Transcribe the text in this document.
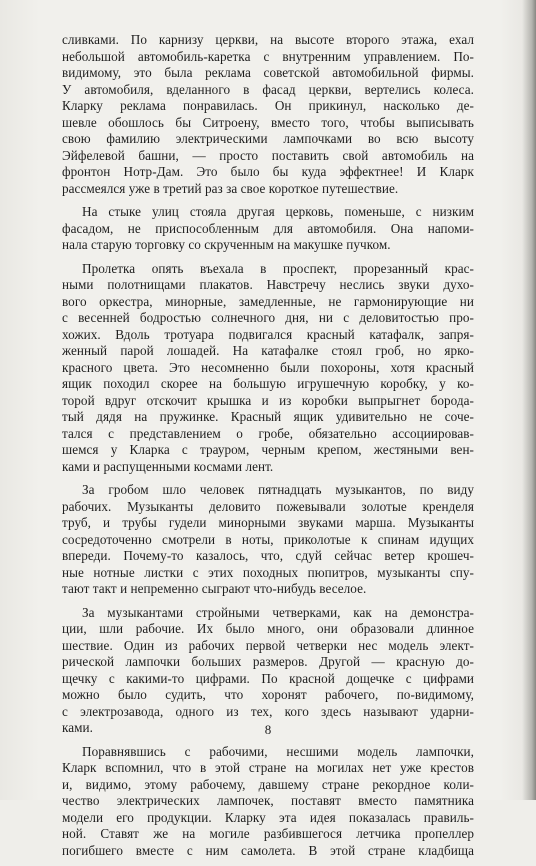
сливками. По карнизу церкви, на высоте второго этажа, ехал
небольшой автомобиль-каретка с внутренним управлением. По-
видимому, это была реклама советской автомобильной фирмы.
У автомобиля, вделанного в фасад церкви, вертелись колеса.
Кларку реклама понравилась. Он прикинул, насколько де-
шевле обошлось бы Ситроену, вместо того, чтобы выписывать
свою фамилию электрическими лампочками во всю высоту
Эйфелевой башни, — просто поставить свой автомобиль на
фронтон Нотр-Дам. Это было бы куда эффектнее! И Кларк
рассмеялся уже в третий раз за свое короткое путешествие.
На стыке улиц стояла другая церковь, поменьше, с низким
фасадом, не приспособленным для автомобиля. Она напоми-
нала старую торговку со скрученным на макушке пучком.
Пролетка опять въехала в проспект, прорезанный крас-
ными полотнищами плакатов. Навстречу неслись звуки духо-
вого оркестра, минорные, замедленные, не гармонирующие ни
с весенней бодростью солнечного дня, ни с деловитостью про-
хожих. Вдоль тротуара подвигался красный катафалк, запря-
женный парой лошадей. На катафалке стоял гроб, но ярко-
красного цвета. Это несомненно были похороны, хотя красный
ящик походил скорее на большую игрушечную коробку, у ко-
торой вдруг отскочит крышка и из коробки выпрыгнет борода-
тый дядя на пружинке. Красный ящик удивительно не соче-
тался с представлением о гробе, обязательно ассоциировав-
шемся у Кларка с трауром, черным крепом, жестяными вен-
ками и распущенными космами лент.
За гробом шло человек пятнадцать музыкантов, по виду
рабочих. Музыканты деловито пожевывали золотые кренделя
труб, и трубы гудели минорными звуками марша. Музыканты
сосредоточенно смотрели в ноты, приколотые к спинам идущих
впереди. Почему-то казалось, что, сдуй сейчас ветер крошеч-
ные нотные листки с этих походных пюпитров, музыканты спу-
тают такт и непременно сыграют что-нибудь веселое.
За музыкантами стройными четверками, как на демонстра-
ции, шли рабочие. Их было много, они образовали длинное
шествие. Один из рабочих первой четверки нес модель элект-
рической лампочки больших размеров. Другой — красную до-
щечку с какими-то цифрами. По красной дощечке с цифрами
можно было судить, что хоронят рабочего, по-видимому,
с электрозавода, одного из тех, кого здесь называют ударни-
ками.
Поравнявшись с рабочими, несшими модель лампочки,
Кларк вспомнил, что в этой стране на могилах нет уже крестов
и, видимо, этому рабочему, давшему стране рекордное коли-
чество электрических лампочек, поставят вместо памятника
модели его продукции. Кларку эта идея показалась правиль-
ной. Ставят же на могиле разбившегося летчика пропеллер
погибшего вместе с ним самолета. В этой стране кладбища
8
